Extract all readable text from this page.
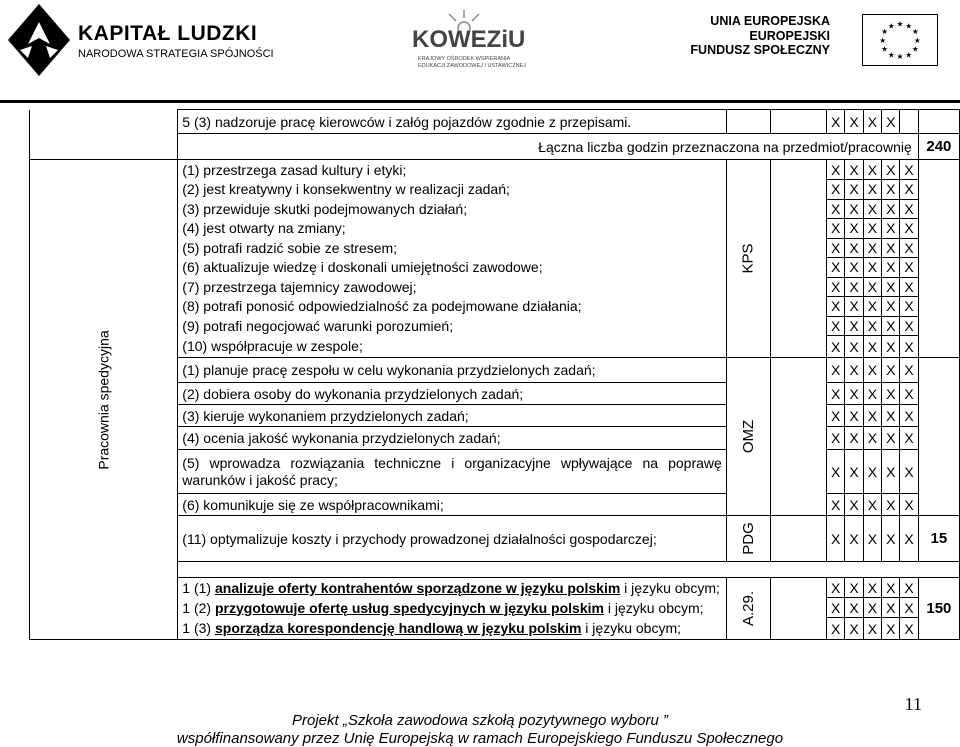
KAPITAŁ LUDZKI
NARODOWA STRATEGIA SPÓJNOŚCI
KOWEZiU
KRAJOWY OŚRODEK WSPIERANIA
EDUKACJI ZAWODOWEJ I USTAWICZNEJ
UNIA EUROPEJSKA
EUROPEJSKI
FUNDUSZ SPOŁECZNY
★ ★
★
★
★
★
★
★
★
★
★
★
	5 (3) nadzoruje pracę kierowców i załóg pojazdów zgodnie z przepisami.			X	X	X	X		
	Łączna liczba godzin przeznaczona na przedmiot/pracownię								240
Pracownia spedycyjna	(1) przestrzega zasad kultury i etyki;	KPS		X	X	X	X	X	
	(2) jest kreatywny i konsekwentny w realizacji zadań;			X	X	X	X	X	
	(3) przewiduje skutki podejmowanych działań;			X	X	X	X	X	
	(4) jest otwarty na zmiany;			X	X	X	X	X	
	(5) potrafi radzić sobie ze stresem;			X	X	X	X	X	
	(6) aktualizuje wiedzę i doskonali umiejętności zawodowe;			X	X	X	X	X	
	(7) przestrzega tajemnicy zawodowej;			X	X	X	X	X	
	(8) potrafi ponosić odpowiedzialność za podejmowane działania;			X	X	X	X	X	
	(9) potrafi negocjować warunki porozumień;			X	X	X	X	X	
	(10) współpracuje w zespole;			X	X	X	X	X	
	(1) planuje pracę zespołu w celu wykonania przydzielonych zadań;	OMZ		X	X	X	X	X	
	(2) dobiera osoby do wykonania przydzielonych zadań;			X	X	X	X	X	
	(3) kieruje wykonaniem przydzielonych zadań;			X	X	X	X	X	
	(4) ocenia jakość wykonania przydzielonych zadań;			X	X	X	X	X	
	(5) wprowadza rozwiązania techniczne i organizacyjne wpływające na poprawę warunków i jakość pracy;			X	X	X	X	X	
	(6) komunikuje się ze współpracownikami;			X	X	X	X	X	
	(11) optymalizuje koszty i przychody prowadzonej działalności gospodarczej;	PDG		X	X	X	X	X	15

	1 (1) analizuje oferty kontrahentów sporządzone w języku polskim i języku obcym;	A.29.		X	X	X	X	X	150
	1 (2) przygotowuje ofertę usług spedycyjnych w języku polskim i języku obcym;			X	X	X	X	X	
	1 (3) sporządza korespondencję handlową w języku polskim i języku obcym;			X	X	X	X	X	
11
Projekt „Szkoła zawodowa szkołą pozytywnego wyboru ”
współfinansowany przez Unię Europejską w ramach Europejskiego Funduszu Społecznego
